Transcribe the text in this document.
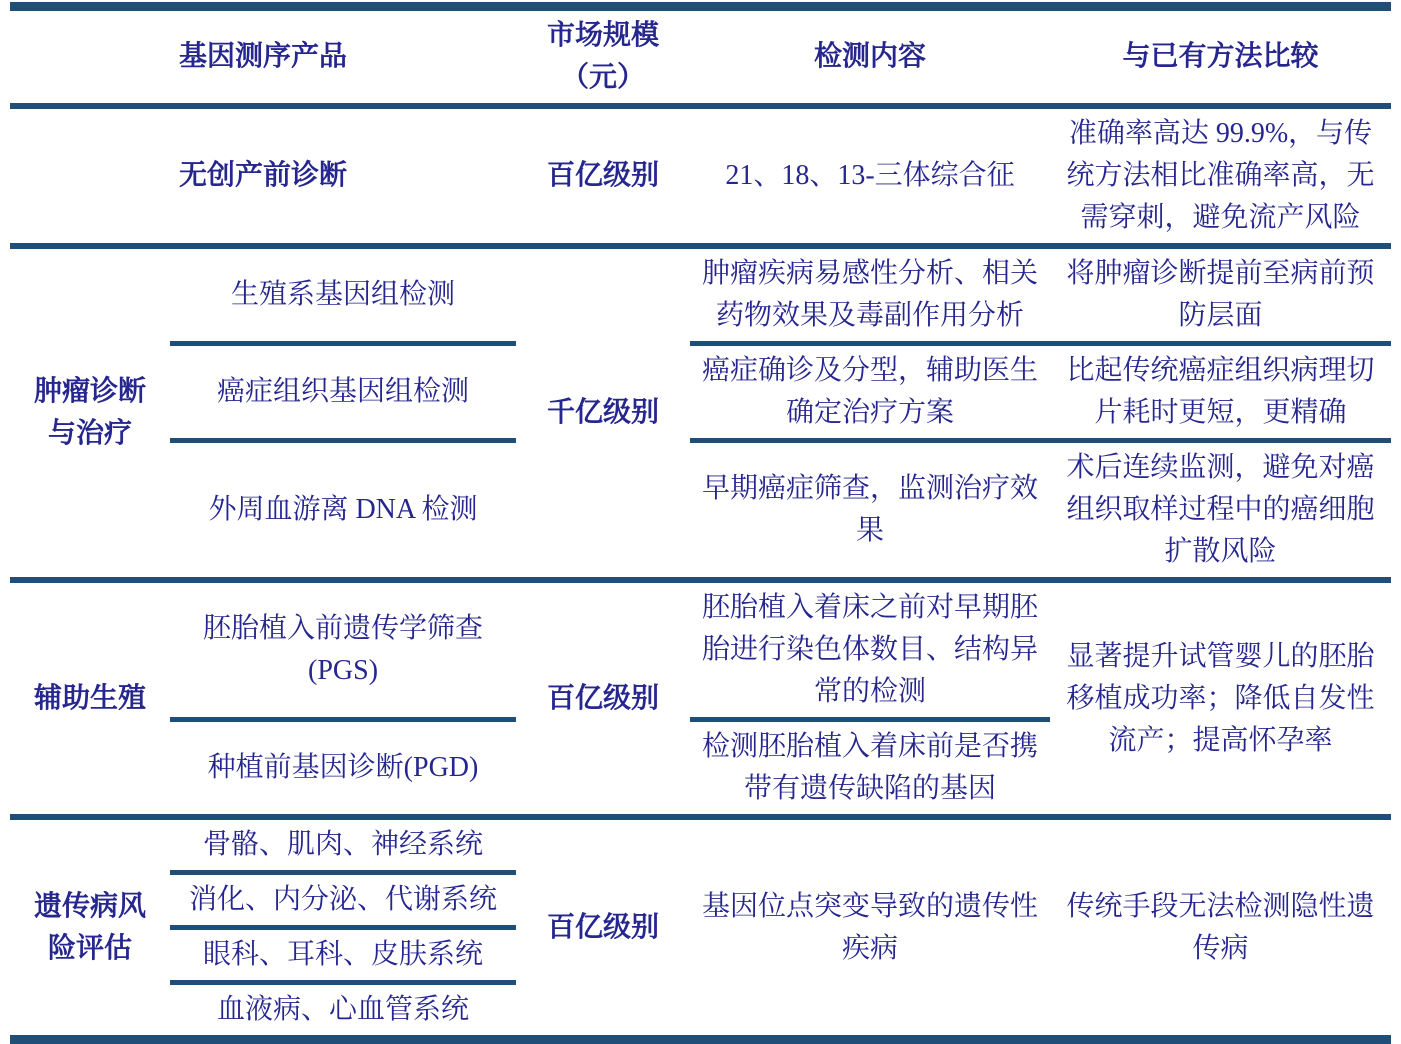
基因测序产品		市场规模（元）	检测内容	与已有方法比较
无创产前诊断		百亿级别	21、18、13-三体综合征	准确率高达 99.9%，与传统方法相比准确率高，无需穿刺，避免流产风险
肿瘤诊断与治疗	生殖系基因组检测	千亿级别	肿瘤疾病易感性分析、相关药物效果及毒副作用分析	将肿瘤诊断提前至病前预防层面
	癌症组织基因组检测		癌症确诊及分型，辅助医生确定治疗方案	比起传统癌症组织病理切片耗时更短，更精确
	外周血游离 DNA 检测		早期癌症筛查，监测治疗效果	术后连续监测，避免对癌组织取样过程中的癌细胞扩散风险
辅助生殖	胚胎植入前遗传学筛查(PGS)	百亿级别	胚胎植入着床之前对早期胚胎进行染色体数目、结构异常的检测	显著提升试管婴儿的胚胎移植成功率；降低自发性流产；提高怀孕率
	种植前基因诊断(PGD)		检测胚胎植入着床前是否携带有遗传缺陷的基因	
遗传病风险评估	骨骼、肌肉、神经系统	百亿级别	基因位点突变导致的遗传性疾病	传统手段无法检测隐性遗传病
	消化、内分泌、代谢系统			
	眼科、耳科、皮肤系统			
	血液病、心血管系统			
